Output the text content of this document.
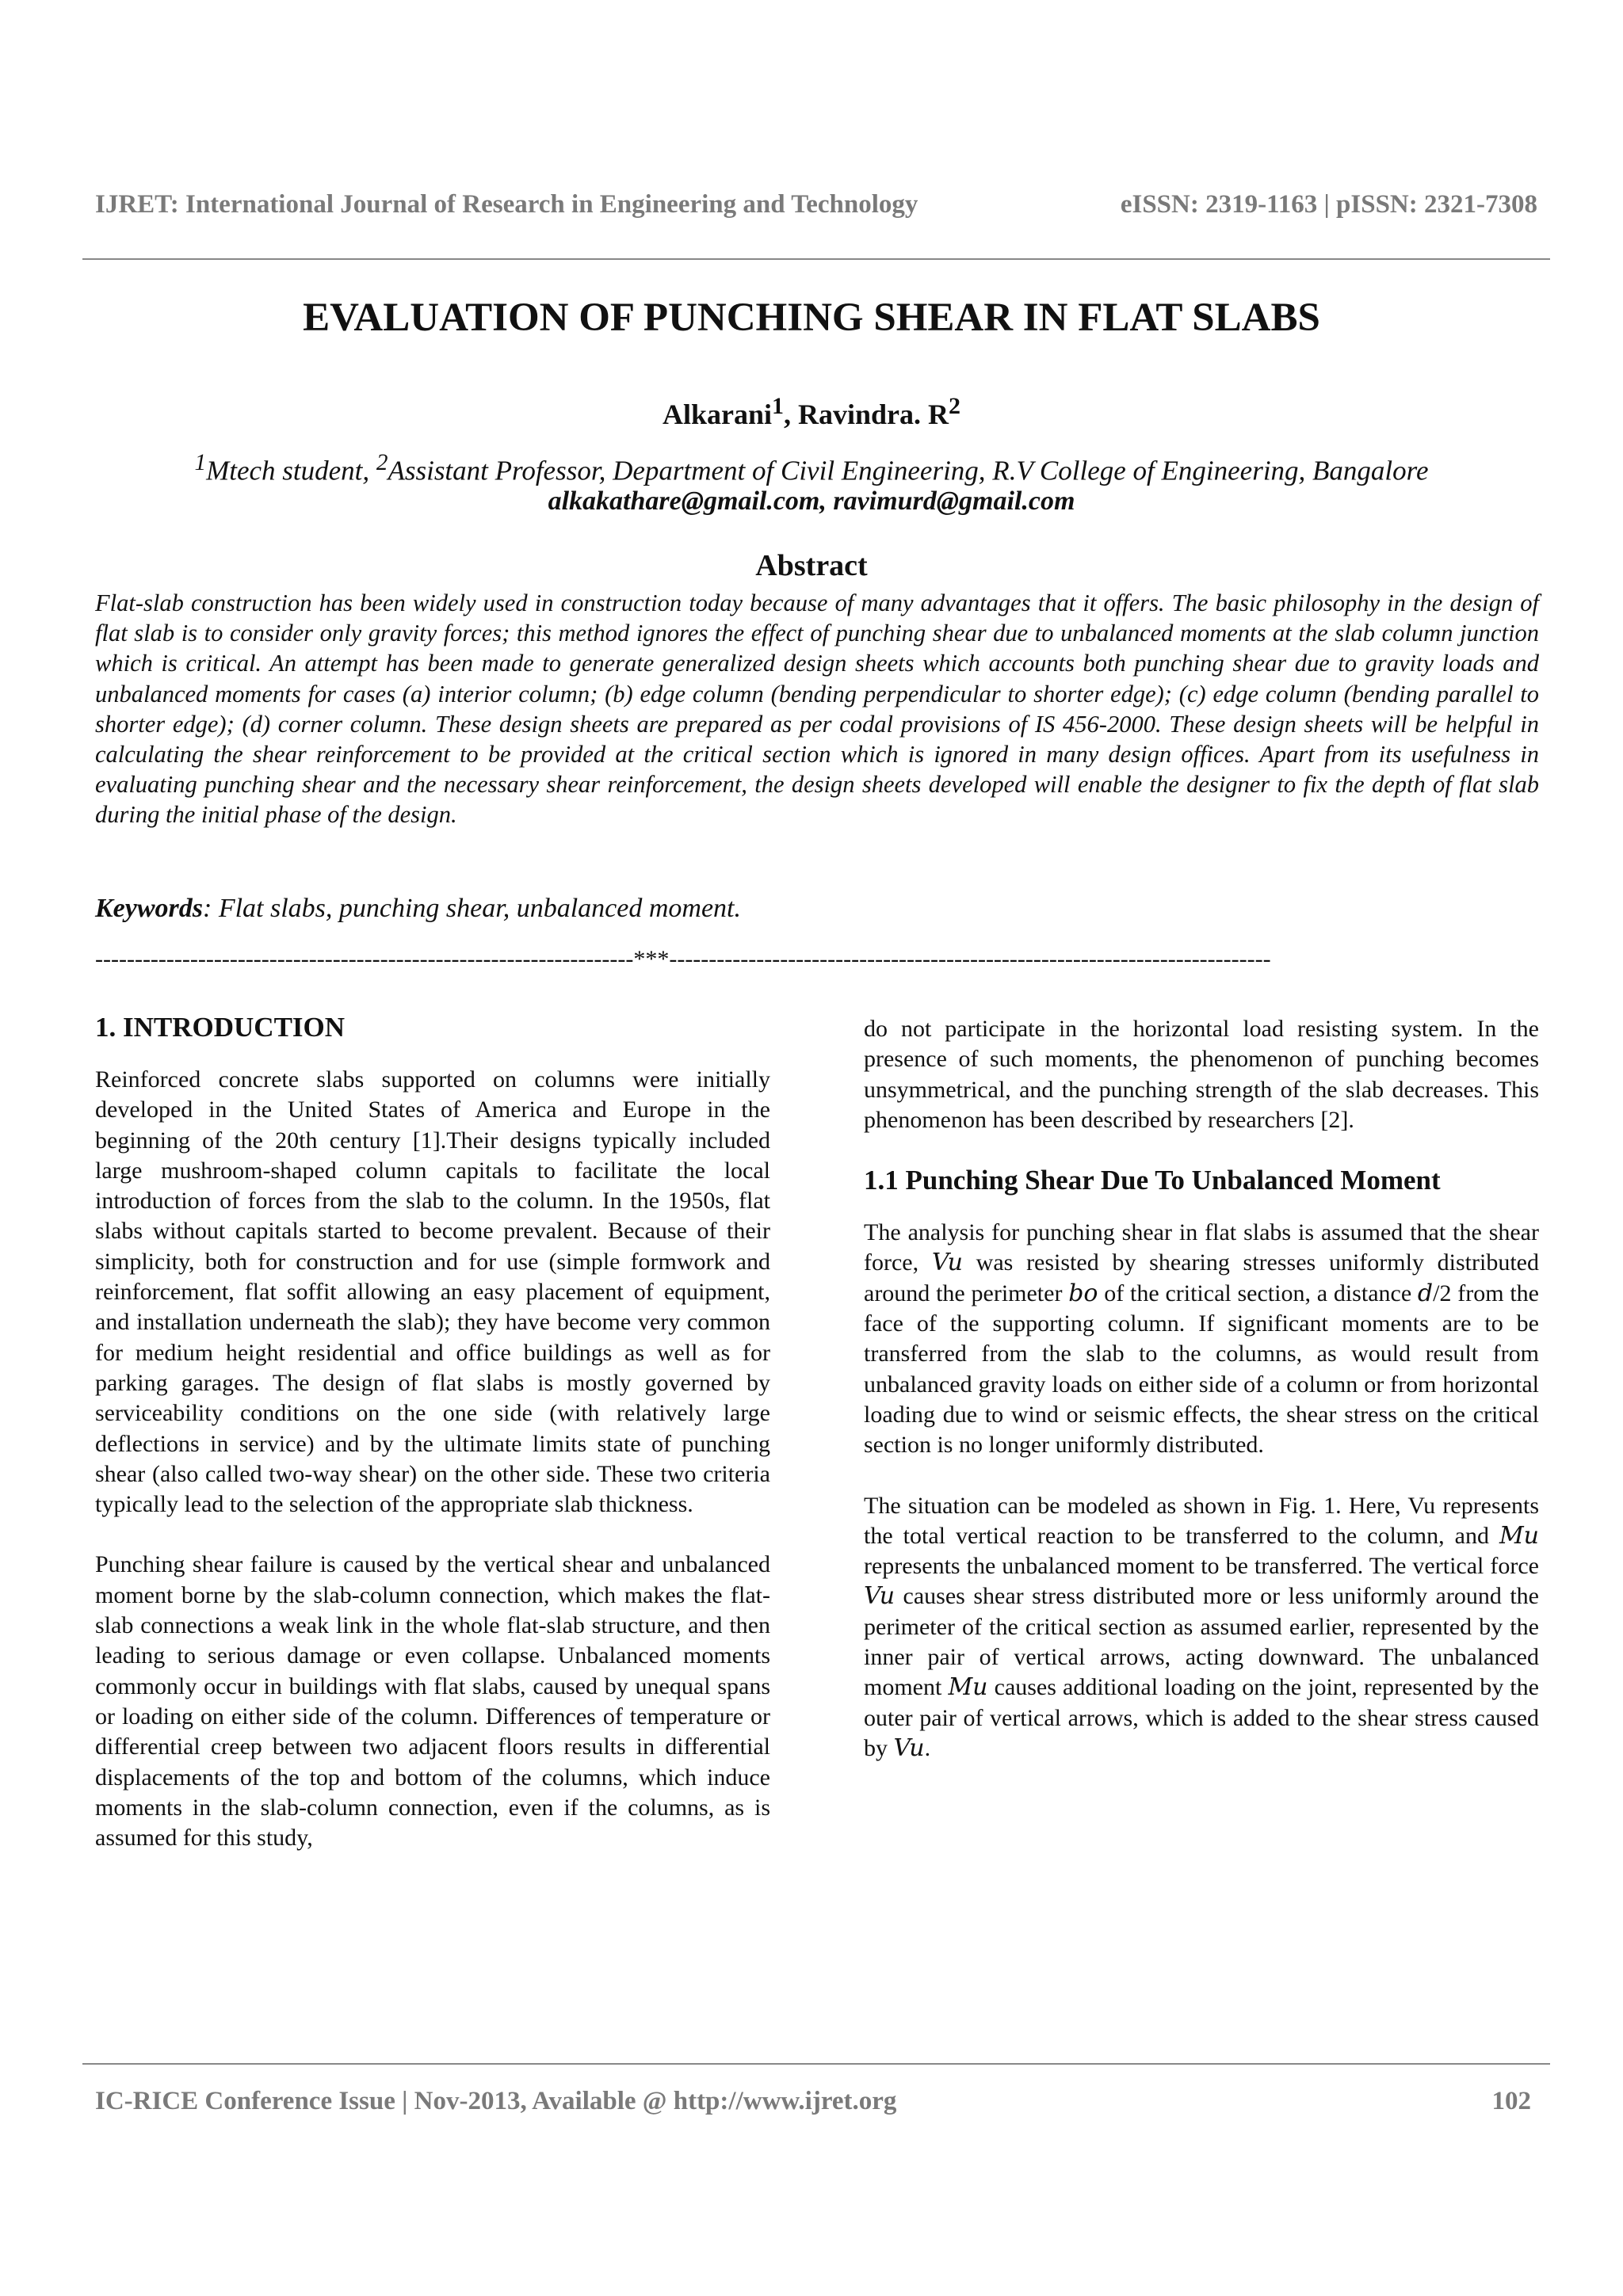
IJRET: International Journal of Research in Engineering and Technology	eISSN: 2319-1163 | pISSN: 2321-7308
EVALUATION OF PUNCHING SHEAR IN FLAT SLABS
Alkarani$^1$, Ravindra. $R^2$
$^1$Mtech student, $^2$Assistant Professor, Department of Civil Engineering, R.V College of Engineering, Bangalore
alkakathare@gmail.com, ravimurd@gmail.com
Abstract
Flat-slab construction has been widely used in construction today because of many advantages that it offers. The basic philosophy in the design of flat slab is to consider only gravity forces; this method ignores the effect of punching shear due to unbalanced moments at the slab column junction which is critical. An attempt has been made to generate generalized design sheets which accounts both punching shear due to gravity loads and unbalanced moments for cases (a) interior column; (b) edge column (bending perpendicular to shorter edge); (c) edge column (bending parallel to shorter edge); (d) corner column. These design sheets are prepared as per codal provisions of IS 456-2000. These design sheets will be helpful in calculating the shear reinforcement to be provided at the critical section which is ignored in many design offices. Apart from its usefulness in evaluating punching shear and the necessary shear reinforcement, the design sheets developed will enable the designer to fix the depth of flat slab during the initial phase of the design.
Keywords: Flat slabs, punching shear, unbalanced moment.
--------------------------------------------------------------------***----------------------------------------------------------------------------
1. INTRODUCTION

Reinforced concrete slabs supported on columns were initially developed in the United States of America and Europe in the beginning of the 20th century [1].Their designs typically included large mushroom-shaped column capitals to facilitate the local introduction of forces from the slab to the column. In the 1950s, flat slabs without capitals started to become prevalent. Because of their simplicity, both for construction and for use (simple formwork and reinforcement, flat soffit allowing an easy placement of equipment, and installation underneath the slab); they have become very common for medium height residential and office buildings as well as for parking garages. The design of flat slabs is mostly governed by serviceability conditions on the one side (with relatively large deflections in service) and by the ultimate limits state of punching shear (also called two-way shear) on the other side. These two criteria typically lead to the selection of the appropriate slab thickness.

Punching shear failure is caused by the vertical shear and unbalanced moment borne by the slab-column connection, which makes the flat-slab connections a weak link in the whole flat-slab structure, and then leading to serious damage or even collapse. Unbalanced moments commonly occur in buildings with flat slabs, caused by unequal spans or loading on either side of the column. Differences of temperature or differential creep between two adjacent floors results in differential displacements of the top and bottom of the columns, which induce moments in the slab-column connection, even if the columns, as is assumed for this study,

do not participate in the horizontal load resisting system. In the presence of such moments, the phenomenon of punching becomes unsymmetrical, and the punching strength of the slab decreases. This phenomenon has been described by researchers [2].

1.1 Punching Shear Due To Unbalanced Moment

The analysis for punching shear in flat slabs is assumed that the shear force, Vu was resisted by shearing stresses uniformly distributed around the perimeter bo of the critical section, a distance d/2 from the face of the supporting column. If significant moments are to be transferred from the slab to the columns, as would result from unbalanced gravity loads on either side of a column or from horizontal loading due to wind or seismic effects, the shear stress on the critical section is no longer uniformly distributed.

The situation can be modeled as shown in Fig. 1. Here, Vu represents the total vertical reaction to be transferred to the column, and Mu represents the unbalanced moment to be transferred. The vertical force Vu causes shear stress distributed more or less uniformly around the perimeter of the critical section as assumed earlier, represented by the inner pair of vertical arrows, acting downward. The unbalanced moment Mu causes additional loading on the joint, represented by the outer pair of vertical arrows, which is added to the shear stress caused by Vu.

IC-RICE Conference Issue | Nov-2013, Available @ http://www.ijret.org	102
